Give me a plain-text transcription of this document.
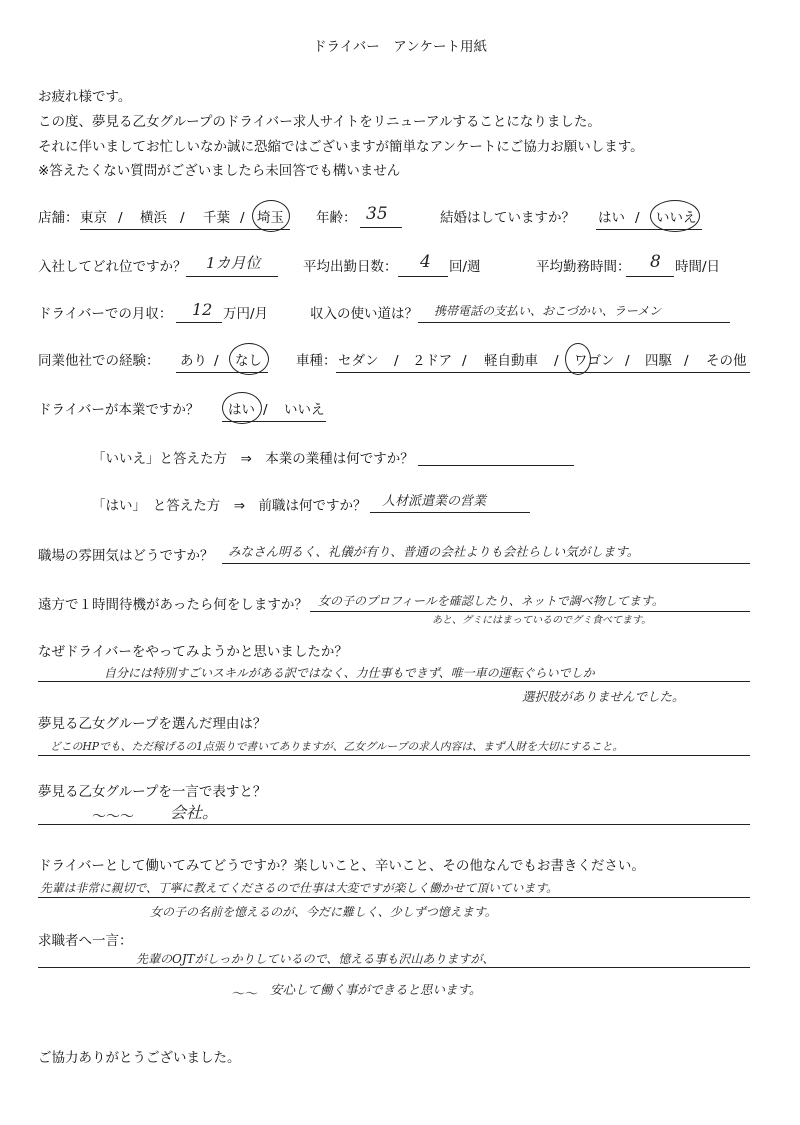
ドライバー　アンケート用紙
お疲れ様です。
この度、夢見る乙女グループのドライバー求人サイトをリニューアルすることになりました。
それに伴いましてお忙しいなか誠に恐縮ではございますが簡単なアンケートにご協力お願いします。
※答えたくない質問がございましたら未回答でも構いません
店舗： 東京 / 横浜 / 千葉 / 埼玉 年齢： 35	結婚はしていますか？ はい / いいえ
入社してどれ位ですか？ 1カ月位	平均出勤日数： 4 回/週	平均勤務時間： 8 時間/日
ドライバーでの月収： 12 万円/月	収入の使い道は？ 携帯電話の支払い、おこづかい、ラーメン
同業他社での経験： あり / なし	車種： セダン / ２ドア / 軽自動車 / ワゴン / 四駆 / その他
ドライバーが本業ですか？ はい / いいえ
「いいえ」と答えた方　⇒　本業の業種は何ですか？
「はい」　と答えた方　⇒　前職は何ですか？ 人材派遣業の営業
職場の雰囲気はどうですか？ みなさん明るく、礼儀が有り、普通の会社よりも会社らしい気がします。
遠方で１時間待機があったら何をしますか？ 女の子のプロフィールを確認したり、ネットで調べ物してます。
あと、グミにはまっているのでグミ食べてます。
なぜドライバーをやってみようかと思いましたか？
自分には特別すごいスキルがある訳ではなく、力仕事もできず、唯一車の運転ぐらいでしか
選択肢がありませんでした。
夢見る乙女グループを選んだ理由は？
どこのHPでも、ただ稼げるの1点張りで書いてありますが、乙女グループの求人内容は、まず人財を大切にすること。
夢見る乙女グループを一言で表すと？
〜〜〜 会社。
ドライバーとして働いてみてどうですか？楽しいこと、辛いこと、その他なんでもお書きください。
先輩は非常に親切で、丁寧に教えてくださるので仕事は大変ですが楽しく働かせて頂いています。
女の子の名前を憶えるのが、今だに難しく、少しずつ憶えます。
求職者へ一言：
先輩のOJTがしっかりしているので、憶える事も沢山ありますが、
〜〜 安心して働く事ができると思います。
ご協力ありがとうございました。
